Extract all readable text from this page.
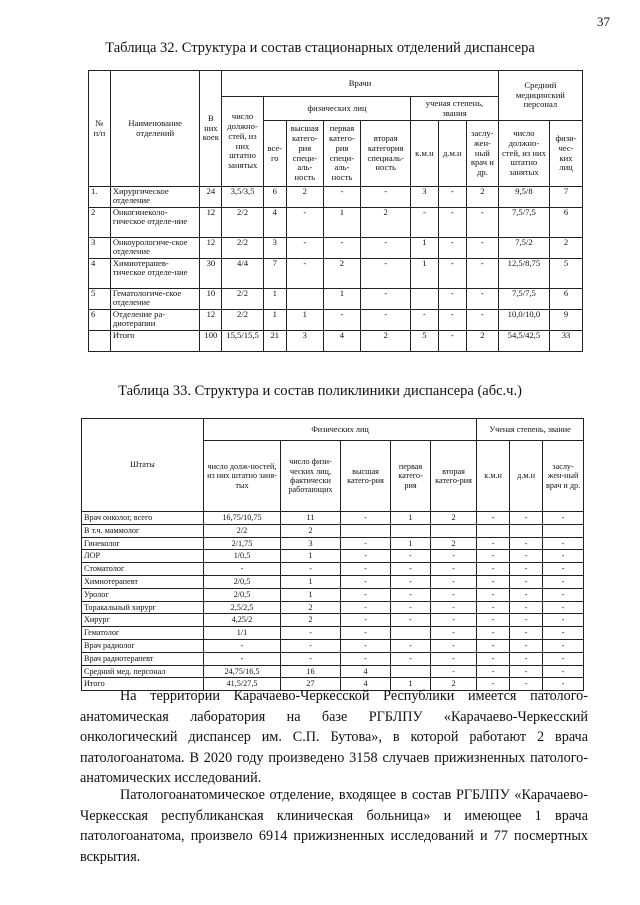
37
Таблица 32. Структура и состав стационарных отделений диспансера
№ п/п	Наименование отделений	В них коек	Врачи								Средний медицинский персонал	
			число должно-стей, из них штатно занятых	физических лиц				ученая степень, звания				
				все-го	высшая катего-рия специ-аль-ность	первая катего-рия специ-аль-ность	вторая категория специаль-ность	к.м.н	д.м.н	заслу-жен-ный врач и др.	число должно-стей, из них штатно занятых	физи-чес-ких лиц
1.	Хирургическое отделение	24	3,5/3,5	6	2	-	-	3	-	2	9,5/8	7
2	Онкогинеколо-гическое отделе-ние	12	2/2	4	-	1	2	-	-	-	7,5/7,5	6
3	Онкоурологиче-ское отделение	12	2/2	3	-	-	-	1	-	-	7,5/2	2
4	Химиотерапев-тическое отделе-ние	30	4/4	7	-	2	-	1	-	-	12,5/8,75	5
5	Гематологиче-ское отделение	10	2/2	1		1	-		-	-	7,5/7,5	6
6	Отделение ра-диотерапии	12	2/2	1	1	-	-	-	-	-	10,0/10,0	9
	Итого	100	15,5/15,5	21	3	4	2	5	-	2	54,5/42,5	33
Таблица 33. Структура и состав поликлиники диспансера (абс.ч.)
Штаты	Физических лиц					Ученая степень, звание		
	число долж-ностей, из них штатно заня-тых	число физи-ческих лиц, фактически работающих	высшая катего-рия	первая катего-рия	вторая катего-рия	к.м.н	д.м.н	заслу-жен-ный врач и др.
Врач онколог, всего	16,75/10,75	11	-	1	2	-	-	-
В т.ч. маммолог	2/2	2						
Гинеколог	2/1,75	3	-	1	2	-	-	-
ЛОР	1/0,5	1	-	-	-	-	-	-
Стоматолог	-	-	-	-	-	-	-	-
Химиотерапевт	2/0,5	1	-	-	-	-	-	-
Уролог	2/0,5	1	-	-	-	-	-	-
Торакальный хирург	2,5/2,5	2	-	-	-	-	-	-
Хирург	4,25/2	2	-	-	-	-	-	-
Гематолог	1/1	-	-		-	-	-	-
Врач радиолог	-	-	-	-	-	-	-	-
Врач радиотерапевт	-	-	-	-	-	-	-	-
Средний мед. персонал	24,75/16,5	16	4		-	-	-	-
Итого	41,5/27,5	27	4	1	2	-	-	-

На территории Карачаево-Черкесской Республики имеется патолого-анатомическая лаборатория на базе РГБЛПУ «Карачаево-Черкесский онкологический диспансер им. С.П. Бутова», в которой работают 2 врача патологоанатома. В 2020 году произведено 3158 случаев прижизненных патолого-анатомических исследований.

Патологоанатомическое отделение, входящее в состав РГБЛПУ «Карачаево-Черкесская республиканская клиническая больница» и имеющее 1 врача патологоанатома, произвело 6914 прижизненных исследований и 77 посмертных вскрытия.
